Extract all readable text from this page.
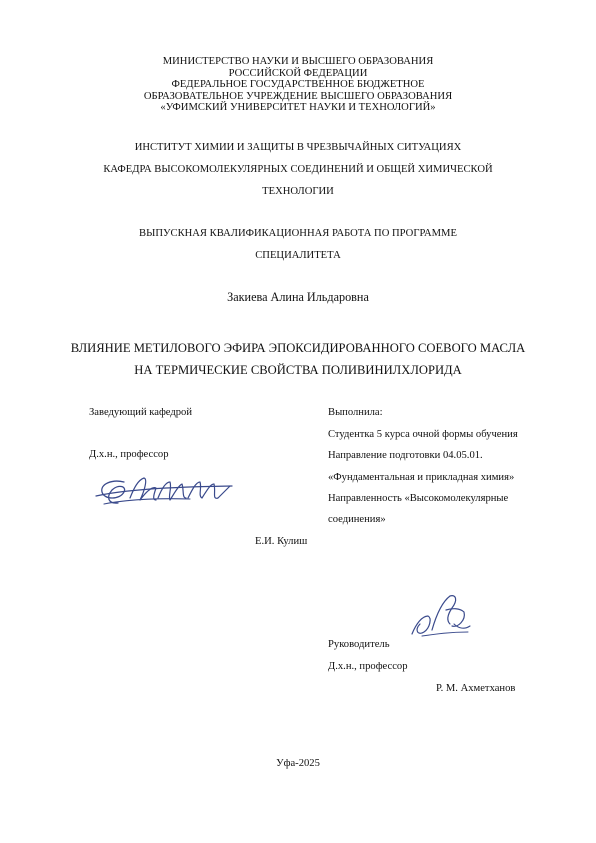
МИНИСТЕРСТВО НАУКИ И ВЫСШЕГО ОБРАЗОВАНИЯ
РОССИЙСКОЙ ФЕДЕРАЦИИ
ФЕДЕРАЛЬНОЕ ГОСУДАРСТВЕННОЕ БЮДЖЕТНОЕ
ОБРАЗОВАТЕЛЬНОЕ УЧРЕЖДЕНИЕ ВЫСШЕГО ОБРАЗОВАНИЯ
«УФИМСКИЙ УНИВЕРСИТЕТ НАУКИ И ТЕХНОЛОГИЙ»
ИНСТИТУТ ХИМИИ И ЗАЩИТЫ В ЧРЕЗВЫЧАЙНЫХ СИТУАЦИЯХ
КАФЕДРА ВЫСОКОМОЛЕКУЛЯРНЫХ СОЕДИНЕНИЙ И ОБЩЕЙ ХИМИЧЕСКОЙ
ТЕХНОЛОГИИ
ВЫПУСКНАЯ КВАЛИФИКАЦИОННАЯ РАБОТА ПО ПРОГРАММЕ
СПЕЦИАЛИТЕТА
Закиева Алина Ильдаровна
ВЛИЯНИЕ МЕТИЛОВОГО ЭФИРА ЭПОКСИДИРОВАННОГО СОЕВОГО МАСЛА
НА ТЕРМИЧЕСКИЕ СВОЙСТВА ПОЛИВИНИЛХЛОРИДА
Заведующий кафедрой
Д.х.н., профессор
Е.И. Кулиш
Выполнила:
Студентка 5 курса очной формы обучения
Направление подготовки 04.05.01.
«Фундаментальная и прикладная химия»
Направленность «Высокомолекулярные
соединения»
Руководитель
Д.х.н., профессор
Р. М. Ахметханов
Уфа-2025
